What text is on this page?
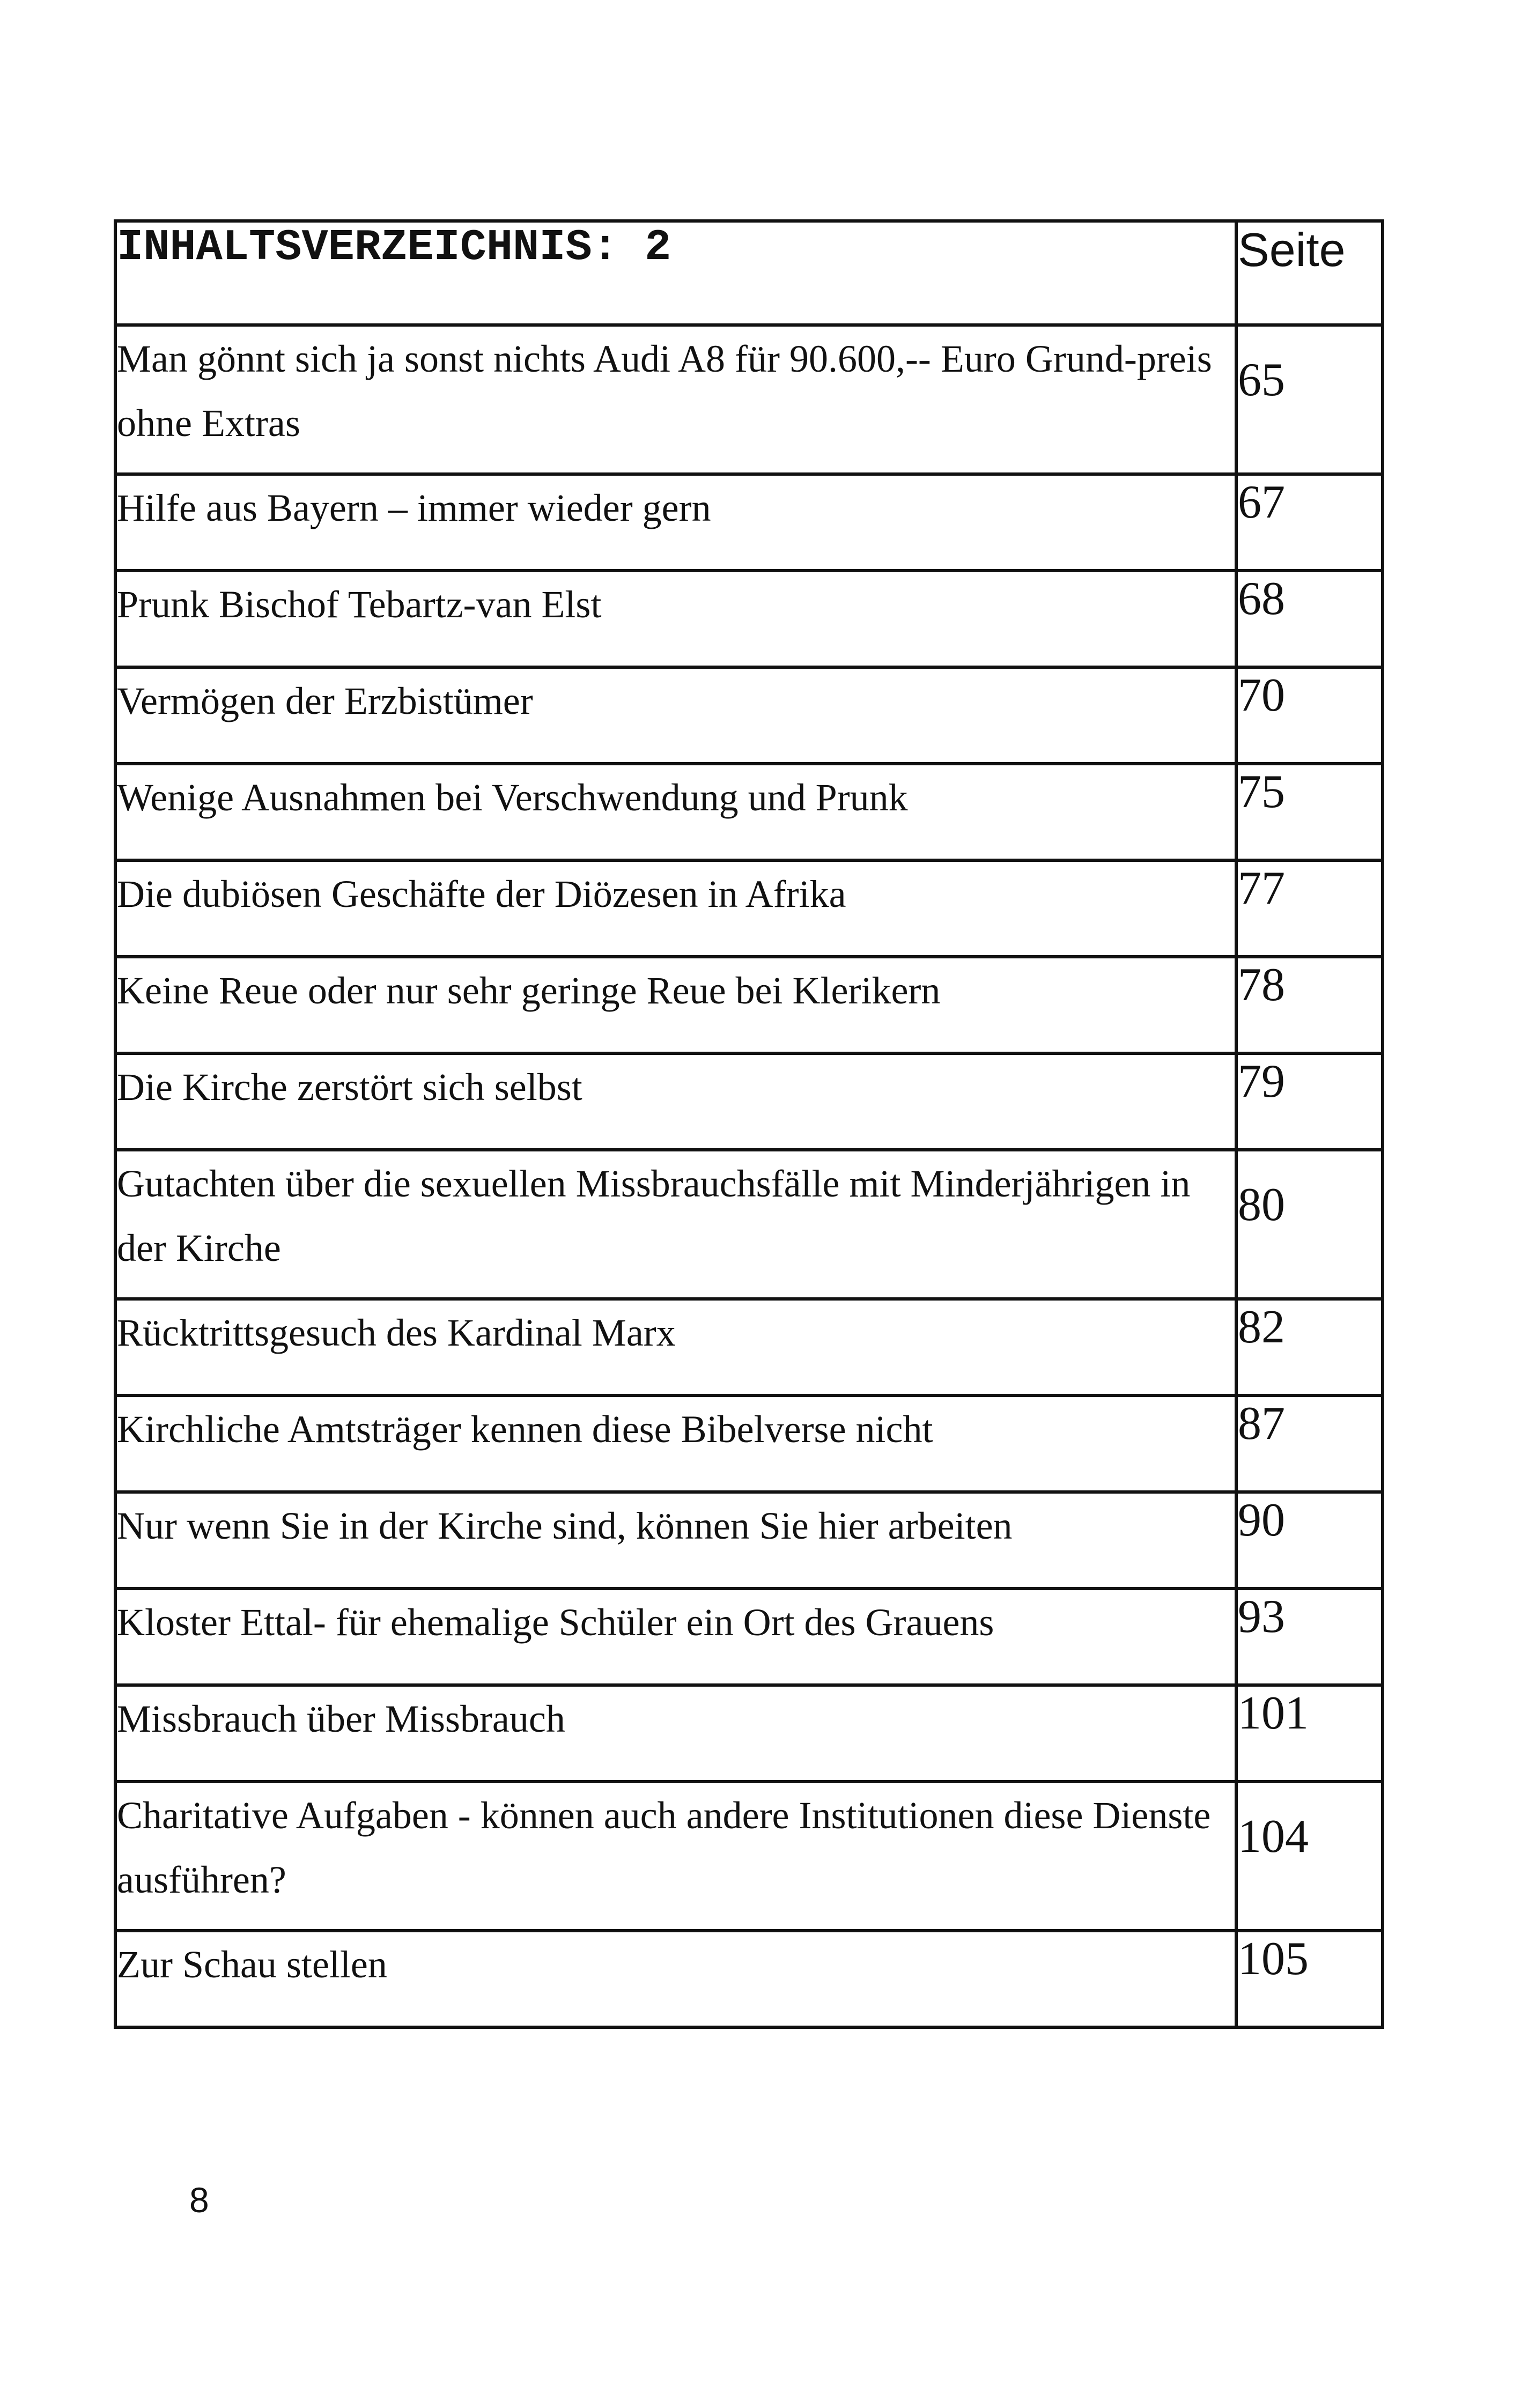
INHALTSVERZEICHNIS: 2	Seite
Man gönnt sich ja sonst nichts Audi A8 für 90.600,-- Euro Grund-preis ohne Extras	65
Hilfe aus Bayern – immer wieder gern	67
Prunk Bischof Tebartz-van Elst	68
Vermögen der Erzbistümer	70
Wenige Ausnahmen bei Verschwendung und Prunk	75
Die dubiösen Geschäfte der Diözesen in Afrika	77
Keine Reue oder nur sehr geringe Reue bei Klerikern	78
Die Kirche zerstört sich selbst	79
Gutachten über die sexuellen Missbrauchsfälle mit Minderjährigen in der Kirche	80
Rücktrittsgesuch des Kardinal Marx	82
Kirchliche Amtsträger kennen diese Bibelverse nicht	87
Nur wenn Sie in der Kirche sind, können Sie hier arbeiten	90
Kloster Ettal- für ehemalige Schüler ein Ort des Grauens	93
Missbrauch über Missbrauch	101
Charitative Aufgaben - können auch andere Institutionen diese Dienste ausführen?	104
Zur Schau stellen	105
8
